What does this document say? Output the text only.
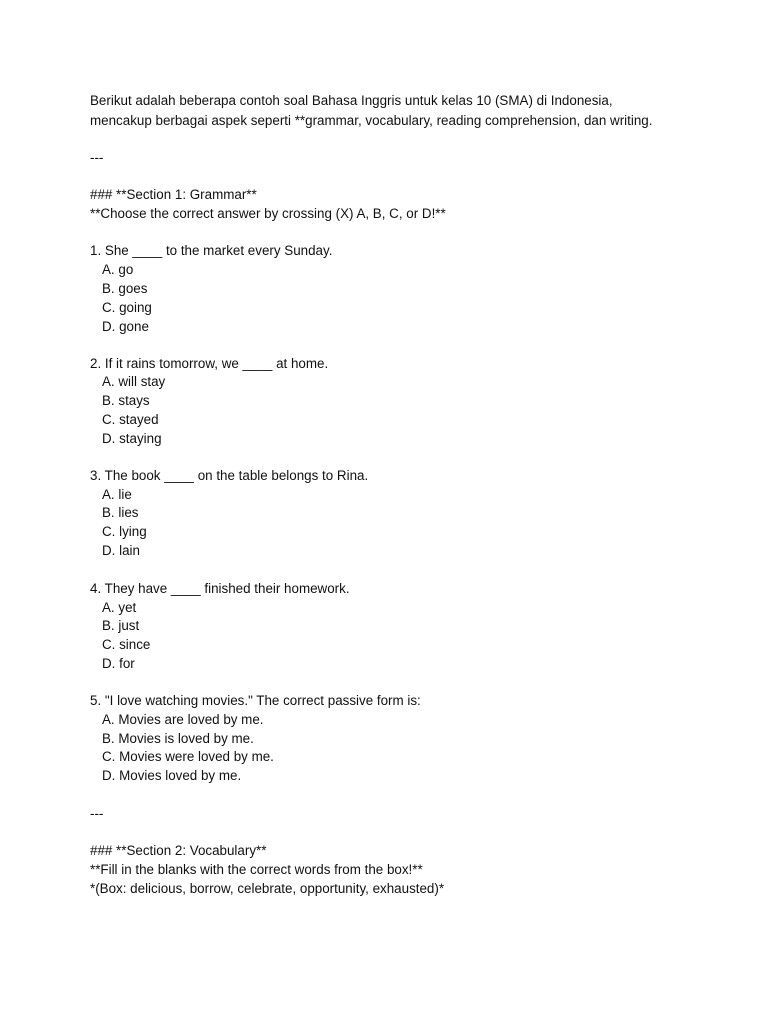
Berikut adalah beberapa contoh soal Bahasa Inggris untuk kelas 10 (SMA) di Indonesia,
mencakup berbagai aspek seperti **grammar, vocabulary, reading comprehension, dan writing.
---
### **Section 1: Grammar**
**Choose the correct answer by crossing (X) A, B, C, or D!**
1. She ____ to the market every Sunday.
A. go
B. goes
C. going
D. gone
2. If it rains tomorrow, we ____ at home.
A. will stay
B. stays
C. stayed
D. staying
3. The book ____ on the table belongs to Rina.
A. lie
B. lies
C. lying
D. lain
4. They have ____ finished their homework.
A. yet
B. just
C. since
D. for
5. "I love watching movies." The correct passive form is:
A. Movies are loved by me.
B. Movies is loved by me.
C. Movies were loved by me.
D. Movies loved by me.
---
### **Section 2: Vocabulary**
**Fill in the blanks with the correct words from the box!**
*(Box: delicious, borrow, celebrate, opportunity, exhausted)*
